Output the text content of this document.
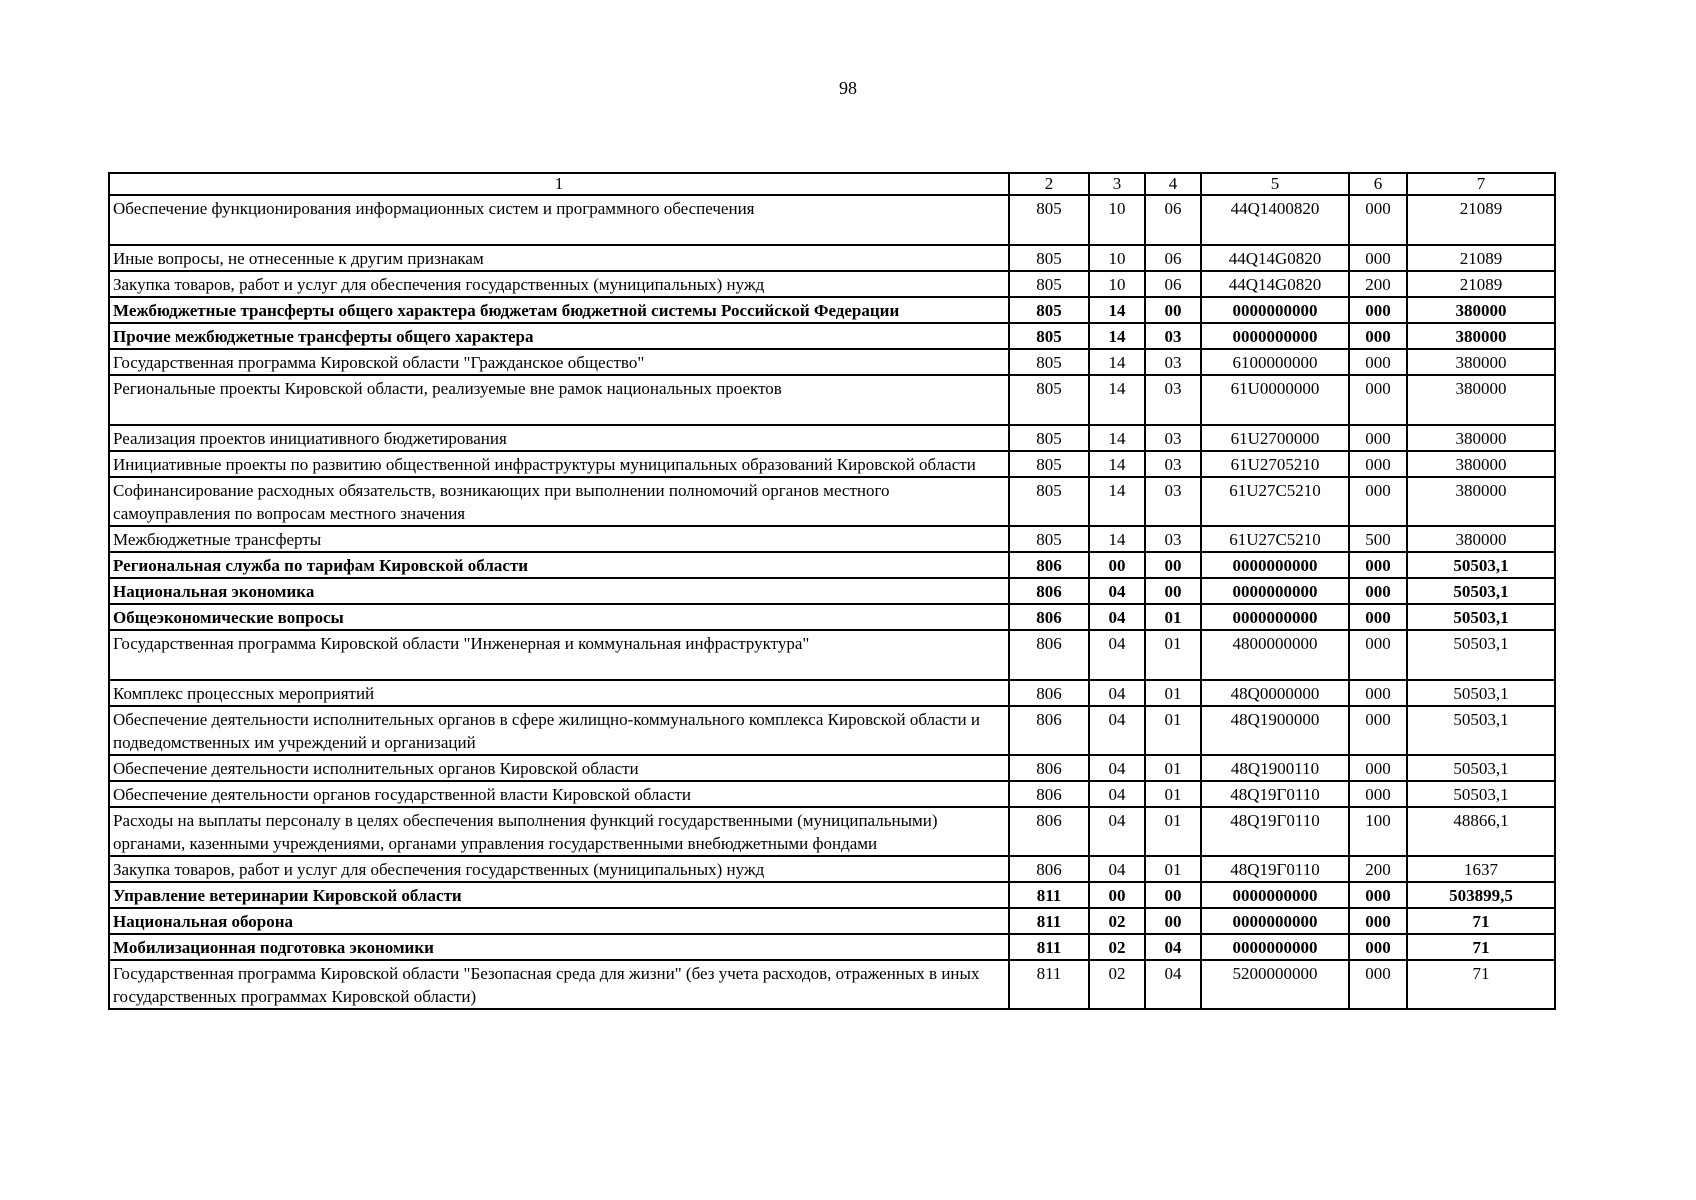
98
1	2	3	4	5	6	7
Обеспечение функционирования информационных систем и программного обеспечения	805	10	06	44Q1400820	000	21089
Иные вопросы, не отнесенные к другим признакам	805	10	06	44Q14G0820	000	21089
Закупка товаров, работ и услуг для обеспечения государственных (муниципальных) нужд	805	10	06	44Q14G0820	200	21089
Межбюджетные трансферты общего характера бюджетам бюджетной системы Российской Федерации	805	14	00	0000000000	000	380000
Прочие межбюджетные трансферты общего характера	805	14	03	0000000000	000	380000
Государственная программа Кировской области "Гражданское общество"	805	14	03	6100000000	000	380000
Региональные проекты Кировской области, реализуемые вне рамок национальных проектов	805	14	03	61U0000000	000	380000
Реализация проектов инициативного бюджетирования	805	14	03	61U2700000	000	380000
Инициативные проекты по развитию общественной инфраструктуры муниципальных образований Кировской области	805	14	03	61U2705210	000	380000
Софинансирование расходных обязательств, возникающих при выполнении полномочий органов местного самоуправления по вопросам местного значения	805	14	03	61U27C5210	000	380000
Межбюджетные трансферты	805	14	03	61U27C5210	500	380000
Региональная служба по тарифам Кировской области	806	00	00	0000000000	000	50503,1
Национальная экономика	806	04	00	0000000000	000	50503,1
Общеэкономические вопросы	806	04	01	0000000000	000	50503,1
Государственная программа Кировской области "Инженерная и коммунальная инфраструктура"	806	04	01	4800000000	000	50503,1
Комплекс процессных мероприятий	806	04	01	48Q0000000	000	50503,1
Обеспечение деятельности исполнительных органов в сфере жилищно-коммунального комплекса Кировской области и подведомственных им учреждений и организаций	806	04	01	48Q1900000	000	50503,1
Обеспечение деятельности исполнительных органов Кировской области	806	04	01	48Q1900110	000	50503,1
Обеспечение деятельности органов государственной власти Кировской области	806	04	01	48Q19Г0110	000	50503,1
Расходы на выплаты персоналу в целях обеспечения выполнения функций государственными (муниципальными) органами, казенными учреждениями, органами управления государственными внебюджетными фондами	806	04	01	48Q19Г0110	100	48866,1
Закупка товаров, работ и услуг для обеспечения государственных (муниципальных) нужд	806	04	01	48Q19Г0110	200	1637
Управление ветеринарии Кировской области	811	00	00	0000000000	000	503899,5
Национальная оборона	811	02	00	0000000000	000	71
Мобилизационная подготовка экономики	811	02	04	0000000000	000	71
Государственная программа Кировской области "Безопасная среда для жизни" (без учета расходов, отраженных в иных государственных программах Кировской области)	811	02	04	5200000000	000	71
